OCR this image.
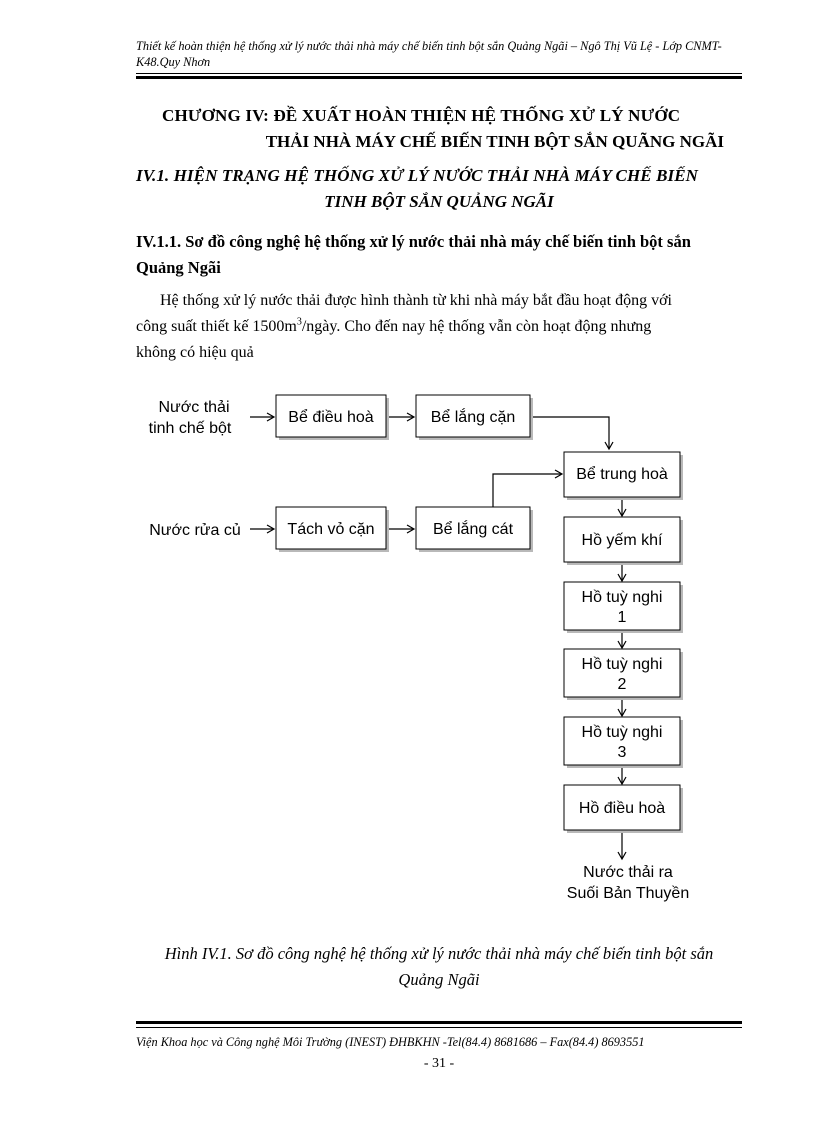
Thiết kế hoàn thiện hệ thống xử lý nước thải nhà máy chế biến tinh bột sắn Quảng Ngãi – Ngô Thị Vũ Lệ - Lớp CNMT-K48.Quy Nhơn
CHƯƠNG IV: ĐỀ XUẤT HOÀN THIỆN HỆ THỐNG XỬ LÝ NƯỚC
THẢI NHÀ MÁY CHẾ BIẾN TINH BỘT SẮN QUÃNG NGÃI
IV.1. HIỆN TRẠNG HỆ THỐNG XỬ LÝ NƯỚC THẢI NHÀ MÁY CHẾ BIẾN
TINH BỘT SẮN QUẢNG NGÃI
IV.1.1. Sơ đồ công nghệ hệ thống xử lý nước thải nhà máy chế biến tinh bột sắn
Quảng Ngãi
Hệ thống xử lý nước thải được hình thành từ khi nhà máy bắt đầu hoạt động với
công suất thiết kế $1500m^3$/ngày. Cho đến nay hệ thống vẫn còn hoạt động nhưng
không có hiệu quả
Nước thải
tinh chế bột
Nước rửa củ
Bể điều hoà	Bể lắng cặn
Bể trung hoà
Tách vỏ cặn	Bể lắng cát
Hồ yếm khí
Hồ tuỳ nghi
1
Hồ tuỳ nghi
2
Hồ tuỳ nghi
3
Hồ điều hoà
Nước thải ra
Suối Bản Thuyền
Hình IV.1. Sơ đồ công nghệ hệ thống xử lý nước thải nhà máy chế biến tinh bột sắn
Quảng Ngãi
Viện Khoa học và Công nghệ Môi Trường (INEST) ĐHBKHN -Tel(84.4) 8681686 – Fax(84.4) 8693551
- 31 -
